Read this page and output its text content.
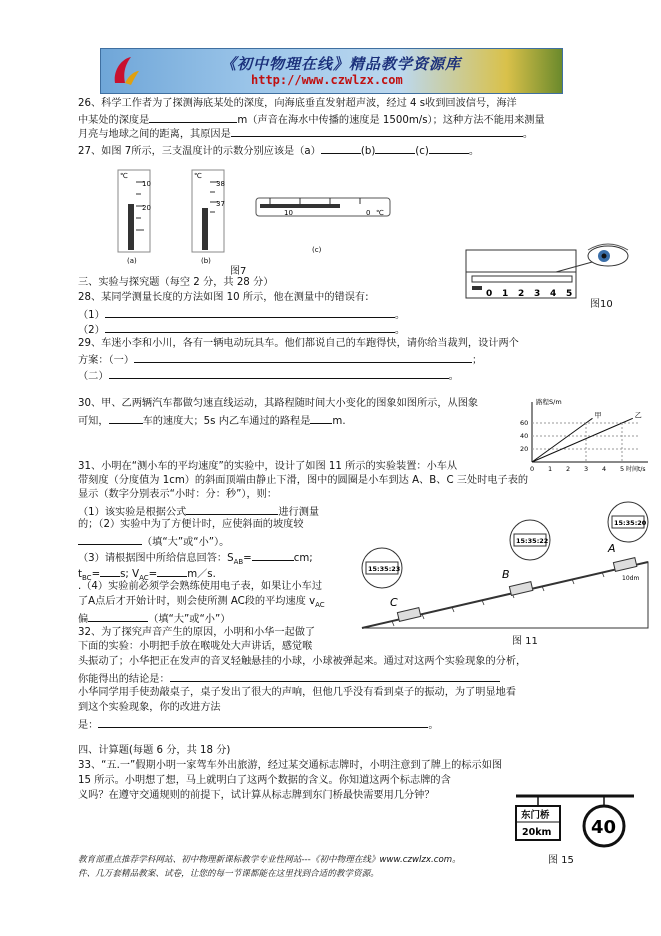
《初中物理在线》精品教学资源库
http://www.czwlzx.com
26、科学工作者为了探测海底某处的深度，向海底垂直发射超声波，经过 4 s收到回波信号，海洋
中某处的深度是	m（声音在海水中传播的速度是 1500m/s）；这种方法不能用来测量
月亮与地球之间的距离，其原因是	。
27、如图 7所示，三支温度计的示数分别应该是（a）	(b)	(c)	。
℃
10
20
(a)
℃
38
37
(b)
10	0 ℃
(c)
图7
0 1 2 3 4 5
图10
三、实验与探究题（每空 2 分，共 28 分）
28、某同学测量长度的方法如图 10 所示，他在测量中的错误有:
（1）	。
（2）	。
29、车迷小李和小川，各有一辆电动玩具车。他们都说自己的车跑得快，请你给当裁判，设计两个
方案：（一）	；
（二）	。
30、甲、乙两辆汽车都做匀速直线运动，其路程随时间大小变化的图象如图所示，从图象
可知，	车的速度大；5s 内乙车通过的路程是 m.
路程S/m
时间t/s
0 1 2 3 4 5
20
40
60
甲	乙
31、小明在“测小车的平均速度”的实验中，设计了如图 11 所示的实验装置：小车从
带刻度（分度值为 1cm）的斜面顶端由静止下滑，图中的圆圈是小车到达 A、B、C 三处时电子表的
显示（数字分别表示“小时：分：秒”），则：
（1）该实验是根据公式	进行测量
的；（2）实验中为了方便计时，应使斜面的坡度较
（填“大”或“小”）。
（3）请根据图中所给信息回答：$S_{AB}=$	cm;
$t_{BC}= s$; $V_{AC}=$	m／s.
.（4）实验前必须学会熟练使用电子表，如果让小车过
了A点后才开始计时，则会使所测 AC段的平均速度 $v_{AC}$
偏	（填“大”或“小”）
15:35:23
15:35:22
15:35:20
C
B
A
10dm
图 11
32、为了探究声音产生的原因，小明和小华一起做了
下面的实验：小明把手放在喉咙处大声讲话，感觉喉
头振动了；小华把正在发声的音叉轻触悬挂的小球，小球被弹起来。通过对这两个实验现象的分析，
你能得出的结论是：
小华同学用手使劲敲桌子，桌子发出了很大的声响，但他几乎没有看到桌子的振动，为了明显地看
到这个实验现象，你的改进方法
是：	。
四、计算题(每题 6 分，共 18 分)
33、“五.一”假期小明一家驾车外出旅游，经过某交通标志牌时，小明注意到了牌上的标示如图
15 所示。小明想了想，马上就明白了这两个数据的含义。你知道这两个标志牌的含
义吗？在遵守交通规则的前提下，试计算从标志牌到东门桥最快需要用几分钟？
东门桥
20km 40
图 15
教育部重点推荐学科网站、初中物理新课标教学专业性网站---《初中物理在线》www.czwlzx.com。
件、几万套精品教案、试卷，让您的每一节课都能在这里找到合适的教学资源。
